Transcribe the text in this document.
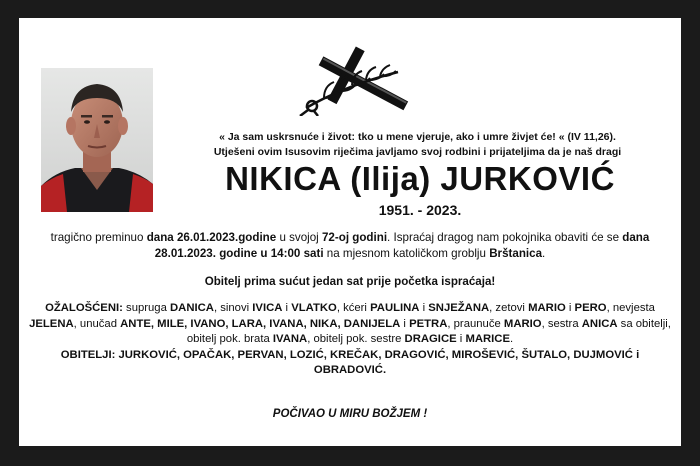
« Ja sam uskrsnuće i život: tko u mene vjeruje, ako i umre živjet će! « (IV 11,26).
Utješeni ovim Isusovim riječima javljamo svoj rodbini i prijateljima da je naš dragi
NIKICA (Ilija) JURKOVIĆ
1951. - 2023.
tragično preminuo dana 26.01.2023.godine u svojoj 72-oj godini. Ispraćaj dragog nam pokojnika obaviti će se dana 28.01.2023. godine u 14:00 sati na mjesnom katoličkom groblju Brštanica.
Obitelj prima sućut jedan sat prije početka ispraćaja!
OŽALOŠĆENI: supruga DANICA, sinovi IVICA i VLATKO, kćeri PAULINA i SNJEŽANA, zetovi MARIO i PERO, nevjesta JELENA, unučad ANTE, MILE, IVANO, LARA, IVANA, NIKA, DANIJELA i PETRA, praunuče MARIO, sestra ANICA sa obitelji, obitelj pok. brata IVANA, obitelj pok. sestre DRAGICE i MARICE.
OBITELJI: JURKOVIĆ, OPAČAK, PERVAN, LOZIĆ, KREČAK, DRAGOVIĆ, MIROŠEVIĆ, ŠUTALO, DUJMOVIĆ i OBRADOVIĆ.
POČIVAO U MIRU BOŽJEM !
